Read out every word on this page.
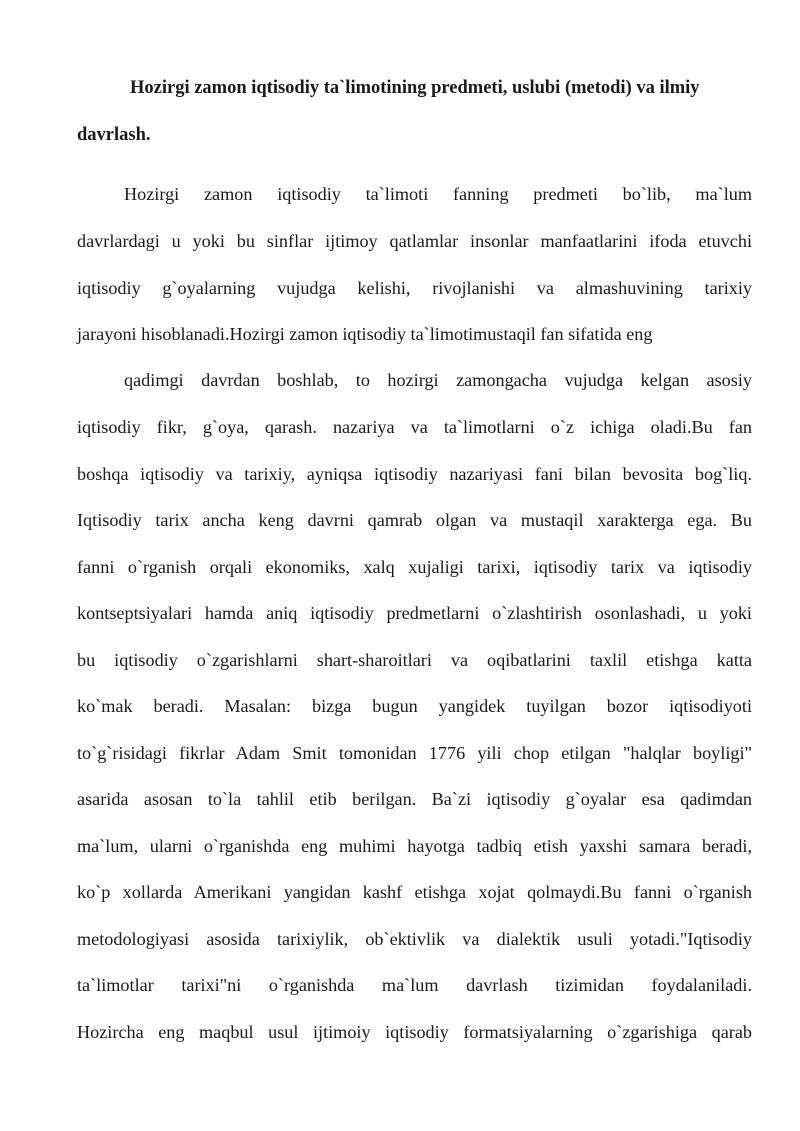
Hozirgi zamon iqtisodiy ta`limotining predmeti, uslubi (metodi) va ilmiy
davrlash.
Hozirgi zamon iqtisodiy ta`limoti fanning predmeti bo`lib, ma`lum
davrlardagi u yoki bu sinflar ijtimoy qatlamlar insonlar manfaatlarini ifoda etuvchi
iqtisodiy g`oyalarning vujudga kelishi, rivojlanishi va almashuvining tarixiy
jarayoni hisoblanadi.Hozirgi zamon iqtisodiy ta`limotimustaqil fan sifatida eng
qadimgi davrdan boshlab, to hozirgi zamongacha vujudga kelgan asosiy
iqtisodiy fikr, g`oya, qarash. nazariya va ta`limotlarni o`z ichiga oladi.Bu fan
boshqa iqtisodiy va tarixiy, ayniqsa iqtisodiy nazariyasi fani bilan bevosita bog`liq.
Iqtisodiy tarix ancha keng davrni qamrab olgan va mustaqil xarakterga ega. Bu
fanni o`rganish orqali ekonomiks, xalq xujaligi tarixi, iqtisodiy tarix va iqtisodiy
kontseptsiyalari hamda aniq iqtisodiy predmetlarni o`zlashtirish osonlashadi, u yoki
bu iqtisodiy o`zgarishlarni shart-sharoitlari va oqibatlarini taxlil etishga katta
ko`mak beradi. Masalan: bizga bugun yangidek tuyilgan bozor iqtisodiyoti
to`g`risidagi fikrlar Adam Smit tomonidan 1776 yili chop etilgan "halqlar boyligi"
asarida asosan to`la tahlil etib berilgan. Ba`zi iqtisodiy g`oyalar esa qadimdan
ma`lum, ularni o`rganishda eng muhimi hayotga tadbiq etish yaxshi samara beradi,
ko`p xollarda Amerikani yangidan kashf etishga xojat qolmaydi.Bu fanni o`rganish
metodologiyasi asosida tarixiylik, ob`ektivlik va dialektik usuli yotadi."Iqtisodiy
ta`limotlar tarixi"ni o`rganishda ma`lum davrlash tizimidan foydalaniladi.
Hozircha eng maqbul usul ijtimoiy iqtisodiy formatsiyalarning o`zgarishiga qarab
